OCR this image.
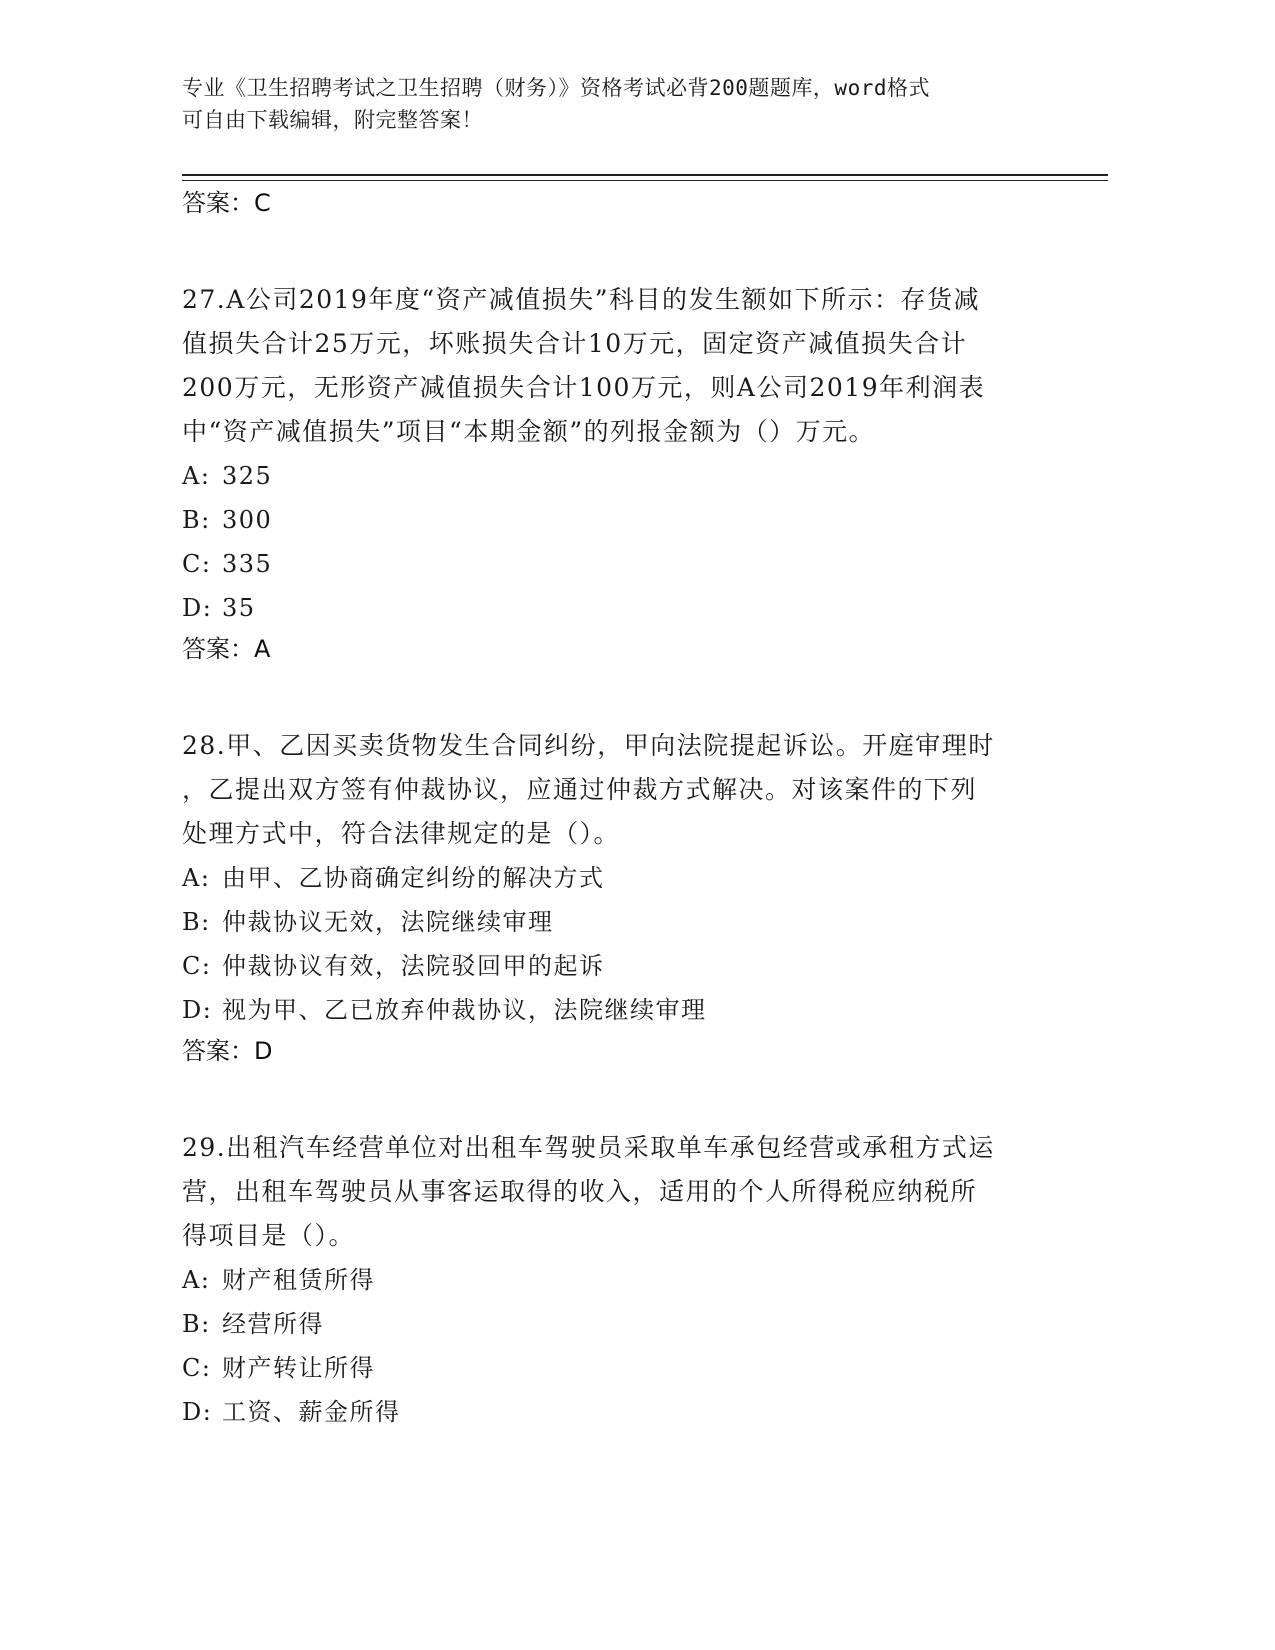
专业《卫生招聘考试之卫生招聘（财务）》资格考试必背200题题库，word格式
可自由下载编辑，附完整答案！
答案：C
27.A公司2019年度“资产减值损失”科目的发生额如下所示：存货减
值损失合计25万元，坏账损失合计10万元，固定资产减值损失合计
200万元，无形资产减值损失合计100万元，则A公司2019年利润表
中“资产减值损失”项目“本期金额”的列报金额为（）万元。
A: 325
B: 300
C: 335
D: 35
答案：A
28.甲、乙因买卖货物发生合同纠纷，甲向法院提起诉讼。开庭审理时
，乙提出双方签有仲裁协议，应通过仲裁方式解决。对该案件的下列
处理方式中，符合法律规定的是（）。
A: 由甲、乙协商确定纠纷的解决方式
B: 仲裁协议无效，法院继续审理
C: 仲裁协议有效，法院驳回甲的起诉
D: 视为甲、乙已放弃仲裁协议，法院继续审理
答案：D
29.出租汽车经营单位对出租车驾驶员采取单车承包经营或承租方式运
营，出租车驾驶员从事客运取得的收入，适用的个人所得税应纳税所
得项目是（）。
A: 财产租赁所得
B: 经营所得
C: 财产转让所得
D: 工资、薪金所得
